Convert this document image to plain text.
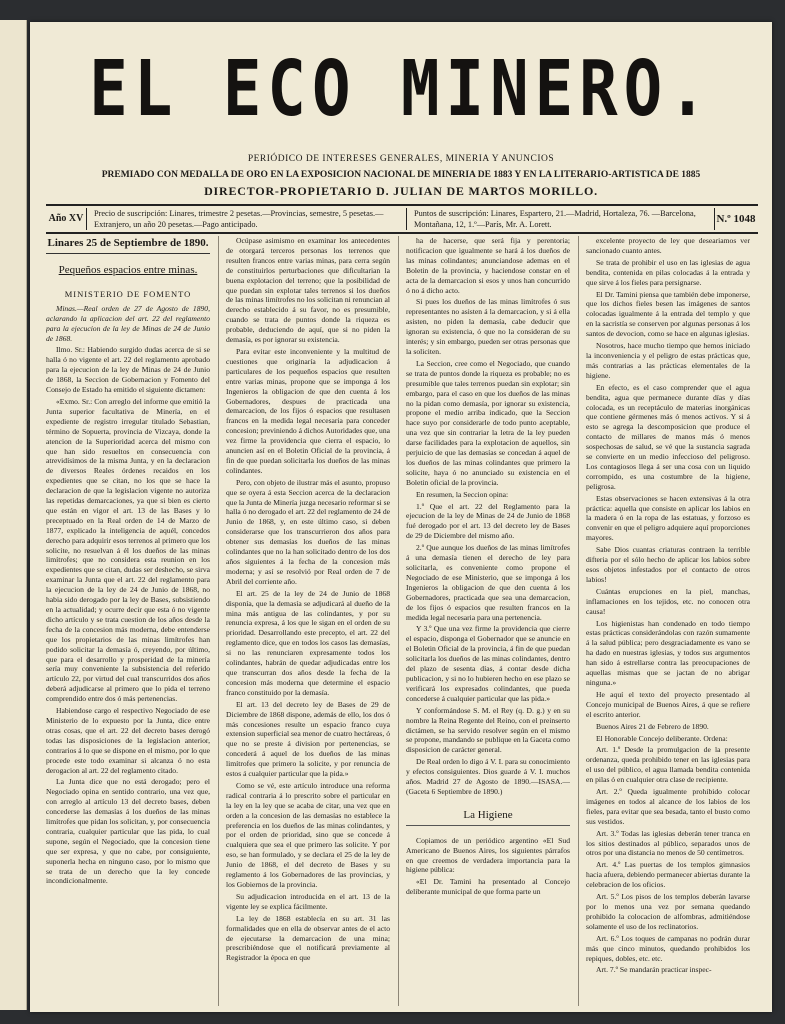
EL ECO MINERO.
PERIÓDICO DE INTERESES GENERALES, MINERIA Y ANUNCIOS
PREMIADO CON MEDALLA DE ORO EN LA EXPOSICION NACIONAL DE MINERIA DE 1883 Y EN LA LITERARIO-ARTISTICA DE 1885
DIRECTOR-PROPIETARIO D. JULIAN DE MARTOS MORILLO.
Año XV	Precio de suscripción: Linares, trimestre 2 pesetas.—Provincias, semestre, 5 pesetas.—Extranjero, un año 20 pesetas.—Pago anticipado.
Puntos de suscripción: Linares, Espartero, 21.—Madrid, Hortaleza, 76. —Barcelona, Montañana, 12, 1.º—París, Mr. A. Lorett.	N.º 1048
Linares 25 de Septiembre de 1890.
Pequeños espacios entre minas.
MINISTERIO DE FOMENTO

Minas.—Real orden de 27 de Agosto de 1890, aclarando la aplicacion del art. 22 del reglamento para la ejecucion de la ley de Minas de 24 de Junio de 1868.

Ilmo. Sr.: Habiendo surgido dudas acerca de si se halla ó no vigente el art. 22 del reglamento aprobado para la ejecucion de la ley de Minas de 24 de Junio de 1868, la Seccion de Gobernacion y Fomento del Consejo de Estado ha emitido el siguiente dictamen:

«Exmo. Sr.: Con arreglo del informe que emitió la Junta superior facultativa de Minería, en el expediente de registro irregular titulado Sebastian, término de Sopuerta, provincia de Vizcaya, donde la atencion de la Superioridad acerca del mismo con que han sido resueltos en consecuencia con atrevidísimos de la misma Junta, y en la declaracion de diversos Reales órdenes recaidos en los expedientes que se citan, no los que se hace la declaracion de que la legislacion vigente no autoriza las repetidas demarcaciones, ya que si bien es cierto que están en vigor el art. 13 de las Bases y lo preceptuado en la Real orden de 14 de Marzo de 1877, explicado la inteligencia de aquél, concedos derecho para adquirir esos terrenos al primero que los solicite, no resuelvan á él los dueños de las minas limítrofes; que no considera esta reunion en los expedientes que se citan, dudas ser deshecho, se sirva examinar la Junta que el art. 22 del reglamento para la ejecucion de la ley de 24 de Junio de 1868, no habia sido derogado por la ley de Bases, subsistiendo en la actualidad; y ocurre decir que esta ó no vigente dicho artículo y se trata cuestion de los años desde la fecha de la concesion más moderna, debe entenderse que los propietarios de las minas limítrofes han podido solicitar la demasía ó, creyendo, por último, que para el desarrollo y prosperidad de la minería sería muy conveniente la subsistencia del referido artículo 22, por virtud del cual transcurridos dos años deberá adjudicarse al primero que lo pida el terreno comprendido entre dos ó más pertenencias.

Habiendose cargo el respectivo Negociado de ese Ministerio de lo expuesto por la Junta, dice entre otras cosas, que el art. 22 del decreto bases derogó todas las disposiciones de la legislacion anterior, contrarios á lo que se dispone en el mismo, por lo que procede este todo examinar si alcanza ó no esta derogacion al art. 22 del reglamento citado.

La Junta dice que no está derogado; pero el Negociado opina en sentido contrario, una vez que, con arreglo al artículo 13 del decreto bases, deben concederse las demasías á los dueños de las minas limítrofes que pidan los solicitan, y, por consecuencia contraria, cualquier particular que las pida, lo cual supone, según el Negociado, que la concesion tiene que ser expresa, y que no cabe, por consiguiente, suponerla hecha en ninguno caso, por lo mismo que se trata de un derecho que la ley concede incondicionalmente.

Ocúpase asimismo en examinar los antecedentes de otorgará terceros personas los terrenos que resulten francos entre varias minas, para cerra según de constituirlos perturbaciones que dificultarian la buena explotacion del terreno; que la posibilidad de que puedan sin explotar tales terrenos si los dueños de las minas limítrofes no los solicitan ni renuncian al derecho establecido á su favor, no es presumible, cuando se trata de puntos donde la riqueza es probable, deduciendo de aquí, que si no piden la demasía, es por ignorar su existencia.

Para evitar este inconveniente y la multitud de cuestiones que originaría la adjudicacion á particulares de los pequeños espacios que resulten entre varias minas, propone que se imponga á los Ingenieros la obligacion de que den cuenta á los Gobernadores, despues de practicada una demarcacion, de los fijos ó espacios que resultasen francos en la medida legal necesaria para conceder concesion; previniendo á dichos Autoridades que, una vez firme la providencia que cierra el espacio, lo anuncien así en el Boletin Oficial de la provincia, á fin de que puedan solicitarla los dueños de las minas colindantes.

Pero, con objeto de ilustrar más el asunto, propuso que se oyera á esta Seccion acerca de la declaracion que la Junta de Minería juzga necesario reformar si se halla ó no derogado el art. 22 del reglamento de 24 de Junio de 1868, y, en este último caso, si deben considerarse que los transcurrieron dos años para obtener sus demasías los dueños de las minas colindantes que no la han solicitado dentro de los dos años siguientes á la fecha de la concesion más moderna; y así se resolvió por Real orden de 7 de Abril del corriente año.

El art. 25 de la ley de 24 de Junio de 1868 disponía, que la demasía se adjudicará al dueño de la mina más antigua de las colindantes, y por su renuncia expresa, á los que le sigan en el orden de su prioridad. Desarrollando este precepto, el art. 22 del reglamento dice, que en todos los casos las demasías, si no las renunciaren expresamente todos los colindantes, habrán de quedar adjudicadas entre los que transcurran dos años desde la fecha de la concesion más moderna que determine el espacio franco constituido por la demasía.

El art. 13 del decreto ley de Bases de 29 de Diciembre de 1868 dispone, además de ello, los dos ó más concesiones resulte un espacio franco cuya extension superficial sea menor de cuatro hectáreas, ó que no se preste á division por pertenencias, se concederá á aquel de los dueños de las minas limítrofes que primero la solicite, y por renuncia de estos á cualquier particular que la pida.»

Como se vé, este artículo introduce una reforma radical contraria á lo prescrito sobre el particular en la ley en la ley que se acaba de citar, una vez que en orden a la concesion de las demasías no establece la preferencia en los dueños de las minas colindantes, y por el orden de prioridad, sino que se concede á cualquiera que sea el que primero las solicite. Y por eso, se han formulado, y se declara el 25 de la ley de Junio de 1868, el del decreto de Bases y su reglamento á los Gobernadores de las provincias, y los Gobiernos de la provincia.

Su adjudicacion introducida en el art. 13 de la vigente ley se explica fácilmente.

La ley de 1868 establecía en su art. 31 las formalidades que en ella de observar antes de el acto de ejecutarse la demarcacion de una mina; prescribiéndose que el notificará previamente al Registrador la época en que

ha de hacerse, que será fija y perentoria; notificacion que igualmente se hará á los dueños de las minas colindantes; anunciandose ademas en el Boletin de la provincia, y haciendose constar en el acta de la demarcacion si esos y unos han concurrido ó no á dicho acto.

Si pues los dueños de las minas limítrofes ó sus representantes no asisten á la demarcacion, y si á ella asisten, no piden la demasía, cabe deducir que ignoran su existencia, ó que no la consideran de su interés; y sin embargo, pueden ser otras personas que la soliciten.

La Seccion, cree como el Negociado, que cuando se trata de puntos donde la riqueza es probable; no es presumible que tales terrenos puedan sin explotar; sin embargo, para el caso en que los dueños de las minas no la pidan como demasía, por ignorar su existencia, propone el medio arriba indicado, que la Seccion hace suyo por considerarle de todo punto aceptable, una vez que sin contrariar la letra de la ley pueden darse facilidades para la explotacion de aquellos, sin perjuicio de que las demasías se concedan á aquel de los dueños de las minas colindantes que primero la solicite, haya ó no anunciado su existencia en el Boletin oficial de la provincia.

En resumen, la Seccion opina:

1.º Que el art. 22 del Reglamento para la ejecucion de la ley de Minas de 24 de Junio de 1868 fué derogado por el art. 13 del decreto ley de Bases de 29 de Diciembre del mismo año.

2.º Que aunque los dueños de las minas limítrofes á una demasía tienen el derecho de ley para solicitarla, es conveniente como propone el Negociado de ese Ministerio, que se imponga á los Ingenieros la obligacion de que den cuenta á los Gobernadores, practicada que sea una demarcacion, de los fijos ó espacios que resulten francos en la medida legal necesaria para una pertenencia.

Y 3.º Que una vez firme la providencia que cierre el espacio, disponga el Gobernador que se anuncie en el Boletin Oficial de la provincia, á fin de que puedan solicitarla los dueños de las minas colindantes, dentro del plazo de sesenta días, á contar desde dicha publicacion, y si no lo hubieren hecho en ese plazo se verificará los expresados colindantes, que pueda concederse á cualquier particular que las pida.»

Y conformándose S. M. el Rey (q. D. g.) y en su nombre la Reina Regente del Reino, con el preinserto dictámen, se ha servido resolver según en el mismo se propone, mandando se publique en la Gaceta como disposicion de carácter general.

De Real orden lo digo á V. I. para su conocimiento y efectos consiguientes. Dios guarde á V. I. muchos años. Madrid 27 de Agosto de 1890.—ISASA.—(Gaceta 6 Septiembre de 1890.)

La Higiene

Copiamos de un periódico argentino «El Sud Americano de Buenos Aires, los siguientes párrafos en que creemos de verdadera importancia para la higiene pública:

«El Dr. Tamini ha presentado al Concejo deliberante municipal de que forma parte un

excelente proyecto de ley que deseariamos ver sancionado cuanto antes.

Se trata de prohibir el uso en las iglesias de agua bendita, contenida en pilas colocadas á la entrada y que sirve á los fieles para persignarse.

El Dr. Tamini piensa que también debe imponerse, que los dichos fieles besen las imágenes de santos colocadas igualmente á la entrada del templo y que en la sacristía se conserven por algunas personas á los santos de devocion, como se hace en algunas iglesias.

Nosotros, hace mucho tiempo que hemos iniciado la inconveniencia y el peligro de estas prácticas que, más contrarias a las prácticas elementales de la higiene.

En efecto, es el caso comprender que el agua bendita, agua que permanece durante días y días colocada, es un receptáculo de materias inorgánicas que contiene gérmenes más ó menos activos. Y si á esto se agrega la descomposicion que produce el contacto de millares de manos más ó menos sospechosas de salud, se vé que la sustancia sagrada se convierte en un medio infeccioso del peligroso. Los contagiosos llega á ser una cosa con un liquido corrompido, es una costumbre de la higiene, peligrosa.

Estas observaciones se hacen extensivas á la otra práctica: aquella que consiste en aplicar los labios en la madera ó en la ropa de las estatuas, y forzoso es convenir en que el peligro adquiere aquí proporciones mayores.

Sabe Dios cuantas criaturas contraen la terrible difteria por el sólo hecho de aplicar los labios sobre esos objetos infestados por el contacto de otros labios!

Cuántas erupciones en la piel, manchas, inflamaciones en los tejidos, etc. no conocen otra causa!

Los higienistas han condenado en todo tiempo estas prácticas considerándolas con razón sumamente á la salud pública; pero desgraciadamente es vano se ha dado en nuestras iglesias, y todos sus argumentos han sido á estrellarse contra las preocupaciones de aquellas mismas que se jactan de no abrigar ninguna.»

He aquí el texto del proyecto presentado al Concejo municipal de Buenos Aires, á que se refiere el escrito anterior.

Buenos Aires 21 de Febrero de 1890.

El Honorable Concejo deliberante. Ordena:

Art. 1.º Desde la promulgacion de la presente ordenanza, queda prohibido tener en las iglesias para el uso del público, el agua llamada bendita contenida en pilas ó en cualquier otra clase de recipiente.

Art. 2.º Queda igualmente prohibido colocar imágenes en todos al alcance de los labios de los fieles, para evitar que sea besada, tanto el busto como sus vestidos.

Art. 3.º Todas las iglesias deberán tener tranca en los sitios destinados al público, separados unos de otros por una distancia no menos de 50 centímetros.

Art. 4.º Las puertas de los templos gimnasios hacia afuera, debiendo permanecer abiertas durante la celebracion de los oficios.

Art. 5.º Los pisos de los templos deberán lavarse por lo menos una vez por semana quedando prohibido la colocacion de alfombras, admitiéndose solamente el uso de los reclinatorios.

Art. 6.º Los toques de campanas no podrán durar más que cinco minutos, quedando prohibidos los repiques, dobles, etc. etc.

Art. 7.º Se mandarán practicar inspec-
